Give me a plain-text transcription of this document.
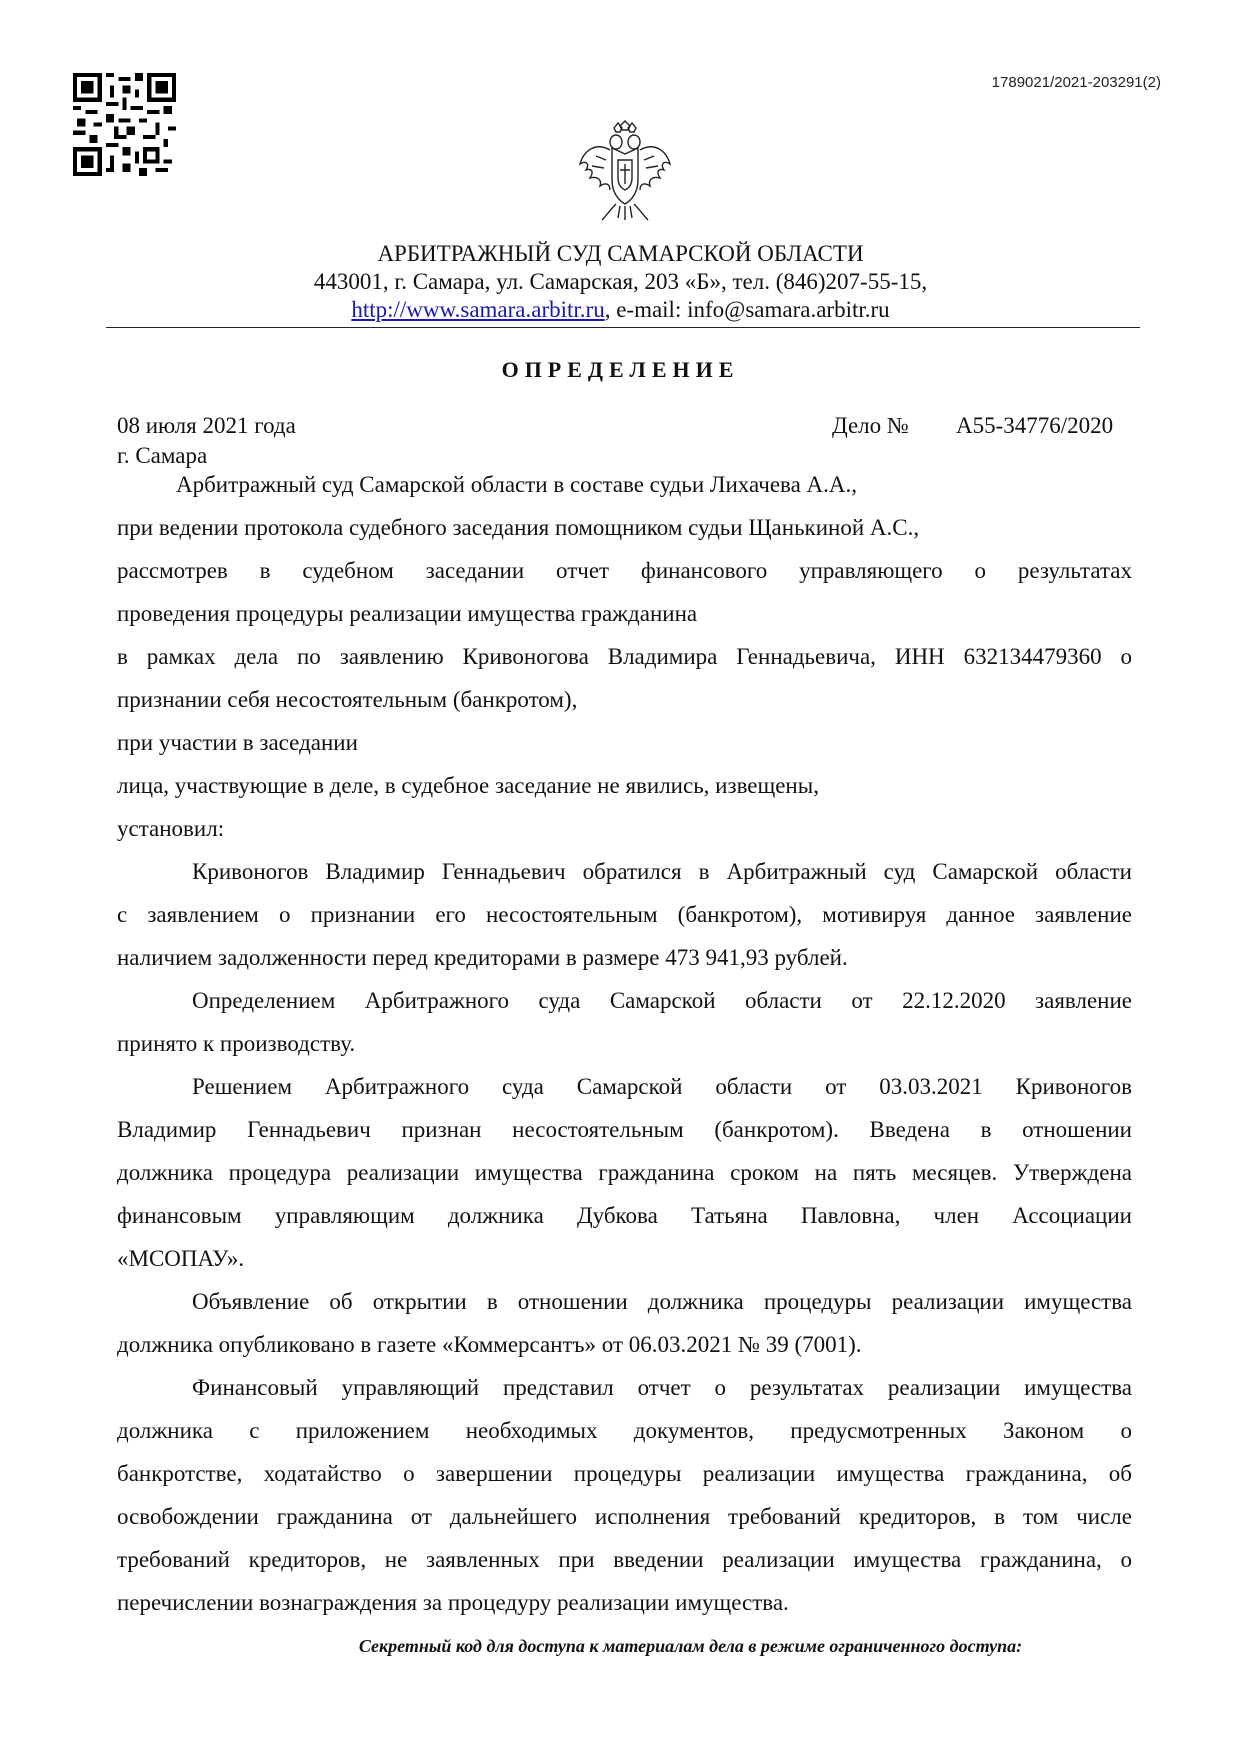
1789021/2021-203291(2)
АРБИТРАЖНЫЙ СУД САМАРСКОЙ ОБЛАСТИ
443001, г. Самара, ул. Самарская, 203 «Б», тел. (846)207-55-15,
http://www.samara.arbitr.ru, e-mail: info@samara.arbitr.ru
ОПРЕДЕЛЕНИЕ
08 июля 2021 года	Дело № А55-34776/2020
г. Самара
Арбитражный суд Самарской области в составе судьи Лихачева А.А.,
при ведении протокола судебного заседания помощником судьи Щанькиной А.С.,
рассмотрев в судебном заседании отчет финансового управляющего о результатах
проведения процедуры реализации имущества гражданина
в рамках дела по заявлению Кривоногова Владимира Геннадьевича, ИНН 632134479360 о
признании себя несостоятельным (банкротом),
при участии в заседании
лица, участвующие в деле, в судебное заседание не явились, извещены,
установил:
Кривоногов Владимир Геннадьевич обратился в Арбитражный суд Самарской области
с заявлением о признании его несостоятельным (банкротом), мотивируя данное заявление
наличием задолженности перед кредиторами в размере 473 941,93 рублей.
Определением Арбитражного суда Самарской области от 22.12.2020 заявление
принято к производству.
Решением Арбитражного суда Самарской области от 03.03.2021 Кривоногов
Владимир Геннадьевич признан несостоятельным (банкротом). Введена в отношении
должника процедура реализации имущества гражданина сроком на пять месяцев. Утверждена
финансовым управляющим должника Дубкова Татьяна Павловна, член Ассоциации
«МСОПАУ».
Объявление об открытии в отношении должника процедуры реализации имущества
должника опубликовано в газете «Коммерсантъ» от 06.03.2021 № 39 (7001).
Финансовый управляющий представил отчет о результатах реализации имущества
должника с приложением необходимых документов, предусмотренных Законом о
банкротстве, ходатайство о завершении процедуры реализации имущества гражданина, об
освобождении гражданина от дальнейшего исполнения требований кредиторов, в том числе
требований кредиторов, не заявленных при введении реализации имущества гражданина, о
перечислении вознаграждения за процедуру реализации имущества.
Секретный код для доступа к материалам дела в режиме ограниченного доступа:
